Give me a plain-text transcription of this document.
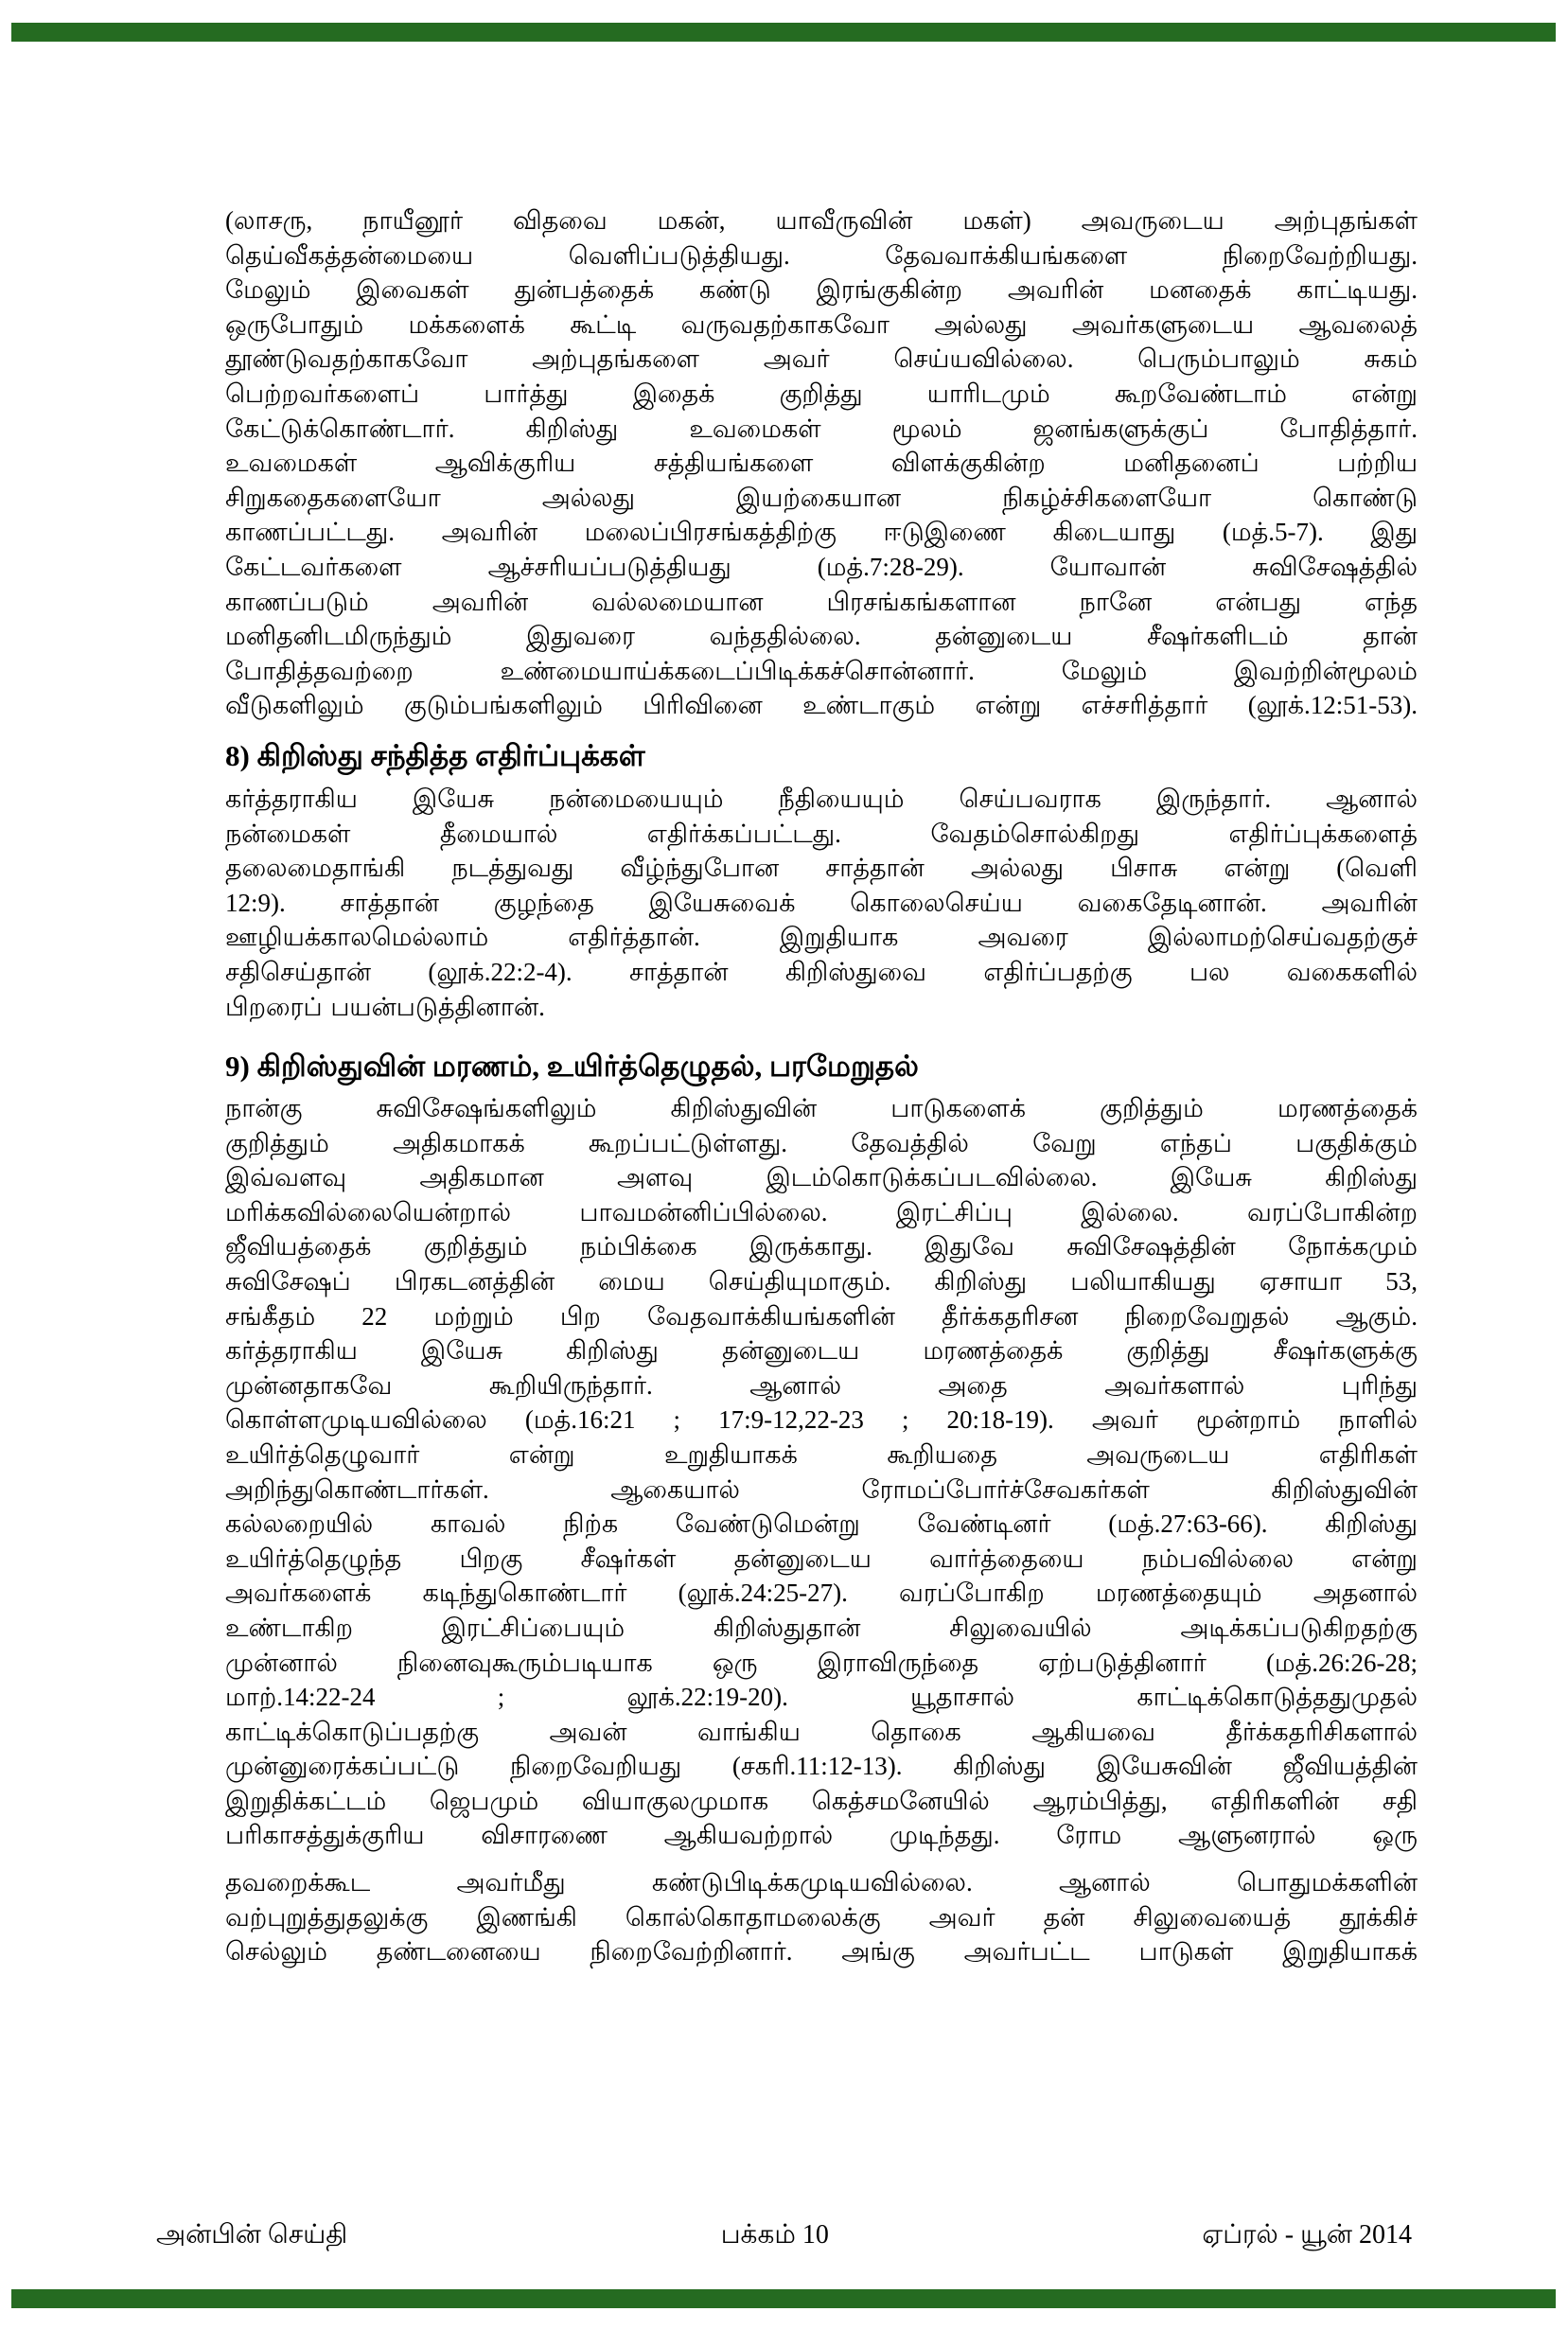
(லாசரு, நாயீனூர் விதவை மகன், யாவீருவின் மகள்) அவருடைய அற்புதங்கள்
தெய்வீகத்தன்மையை வெளிப்படுத்தியது. தேவவாக்கியங்களை நிறைவேற்றியது.
மேலும் இவைகள் துன்பத்தைக் கண்டு இரங்குகின்ற அவரின் மனதைக் காட்டியது.
ஒருபோதும் மக்களைக் கூட்டி வருவதற்காகவோ அல்லது அவர்களுடைய ஆவலைத்
தூண்டுவதற்காகவோ அற்புதங்களை அவர் செய்யவில்லை. பெரும்பாலும் சுகம்
பெற்றவர்களைப் பார்த்து இதைக் குறித்து யாரிடமும் கூறவேண்டாம் என்று
கேட்டுக்கொண்டார். கிறிஸ்து உவமைகள் மூலம் ஜனங்களுக்குப் போதித்தார்.
உவமைகள் ஆவிக்குரிய சத்தியங்களை விளக்குகின்ற மனிதனைப் பற்றிய
சிறுகதைகளையோ அல்லது இயற்கையான நிகழ்ச்சிகளையோ கொண்டு
காணப்பட்டது. அவரின் மலைப்பிரசங்கத்திற்கு ஈடுஇணை கிடையாது (மத்.5-7). இது
கேட்டவர்களை ஆச்சரியப்படுத்தியது (மத்.7:28-29). யோவான் சுவிசேஷத்தில்
காணப்படும் அவரின் வல்லமையான பிரசங்கங்களான நானே என்பது எந்த
மனிதனிடமிருந்தும் இதுவரை வந்ததில்லை. தன்னுடைய சீஷர்களிடம் தான்
போதித்தவற்றை உண்மையாய்க்கடைப்பிடிக்கச்சொன்னார். மேலும் இவற்றின்மூலம்
வீடுகளிலும் குடும்பங்களிலும் பிரிவினை உண்டாகும் என்று எச்சரித்தார் (லூக்.12:51-53).
8) கிறிஸ்து சந்தித்த எதிர்ப்புக்கள்
கர்த்தராகிய இயேசு நன்மையையும் நீதியையும் செய்பவராக இருந்தார். ஆனால்
நன்மைகள் தீமையால் எதிர்க்கப்பட்டது. வேதம்சொல்கிறது எதிர்ப்புக்களைத்
தலைமைதாங்கி நடத்துவது வீழ்ந்துபோன சாத்தான் அல்லது பிசாசு என்று (வெளி
12:9). சாத்தான் குழந்தை இயேசுவைக் கொலைசெய்ய வகைதேடினான். அவரின்
ஊழியக்காலமெல்லாம் எதிர்த்தான். இறுதியாக அவரை இல்லாமற்செய்வதற்குச்
சதிசெய்தான் (லூக்.22:2-4). சாத்தான் கிறிஸ்துவை எதிர்ப்பதற்கு பல வகைகளில்
பிறரைப் பயன்படுத்தினான்.
9) கிறிஸ்துவின் மரணம், உயிர்த்தெழுதல், பரமேறுதல்
நான்கு சுவிசேஷங்களிலும் கிறிஸ்துவின் பாடுகளைக் குறித்தும் மரணத்தைக்
குறித்தும் அதிகமாகக் கூறப்பட்டுள்ளது. தேவத்தில் வேறு எந்தப் பகுதிக்கும்
இவ்வளவு அதிகமான அளவு இடம்கொடுக்கப்படவில்லை. இயேசு கிறிஸ்து
மரிக்கவில்லையென்றால் பாவமன்னிப்பில்லை. இரட்சிப்பு இல்லை. வரப்போகின்ற
ஜீவியத்தைக் குறித்தும் நம்பிக்கை இருக்காது. இதுவே சுவிசேஷத்தின் நோக்கமும்
சுவிசேஷப் பிரகடனத்தின் மைய செய்தியுமாகும். கிறிஸ்து பலியாகியது ஏசாயா 53,
சங்கீதம் 22 மற்றும் பிற வேதவாக்கியங்களின் தீர்க்கதரிசன நிறைவேறுதல் ஆகும்.
கர்த்தராகிய இயேசு கிறிஸ்து தன்னுடைய மரணத்தைக் குறித்து சீஷர்களுக்கு
முன்னதாகவே கூறியிருந்தார். ஆனால் அதை அவர்களால் புரிந்து
கொள்ளமுடியவில்லை (மத்.16:21 ; 17:9-12,22-23 ; 20:18-19). அவர் மூன்றாம் நாளில்
உயிர்த்தெழுவார் என்று உறுதியாகக் கூறியதை அவருடைய எதிரிகள்
அறிந்துகொண்டார்கள். ஆகையால் ரோமப்போர்ச்சேவகர்கள் கிறிஸ்துவின்
கல்லறையில் காவல் நிற்க வேண்டுமென்று வேண்டினர் (மத்.27:63-66). கிறிஸ்து
உயிர்த்தெழுந்த பிறகு சீஷர்கள் தன்னுடைய வார்த்தையை நம்பவில்லை என்று
அவர்களைக் கடிந்துகொண்டார் (லூக்.24:25-27). வரப்போகிற மரணத்தையும் அதனால்
உண்டாகிற இரட்சிப்பையும் கிறிஸ்துதான் சிலுவையில் அடிக்கப்படுகிறதற்கு
முன்னால் நினைவுகூரும்படியாக ஒரு இராவிருந்தை ஏற்படுத்தினார் (மத்.26:26-28;
மாற்.14:22-24 ; லூக்.22:19-20). யூதாசால் காட்டிக்கொடுத்ததுமுதல்
காட்டிக்கொடுப்பதற்கு அவன் வாங்கிய தொகை ஆகியவை தீர்க்கதரிசிகளால்
முன்னுரைக்கப்பட்டு நிறைவேறியது (சகரி.11:12-13). கிறிஸ்து இயேசுவின் ஜீவியத்தின்
இறுதிக்கட்டம் ஜெபமும் வியாகுலமுமாக கெத்சமனேயில் ஆரம்பித்து, எதிரிகளின் சதி
பரிகாசத்துக்குரிய விசாரணை ஆகியவற்றால் முடிந்தது. ரோம ஆளுனரால் ஒரு
தவறைக்கூட அவர்மீது கண்டுபிடிக்கமுடியவில்லை. ஆனால் பொதுமக்களின்
வற்புறுத்துதலுக்கு இணங்கி கொல்கொதாமலைக்கு அவர் தன் சிலுவையைத் தூக்கிச்
செல்லும் தண்டனையை நிறைவேற்றினார். அங்கு அவர்பட்ட பாடுகள் இறுதியாகக்
அன்பின் செய்தி	பக்கம் 10	ஏப்ரல் - யூன் 2014
